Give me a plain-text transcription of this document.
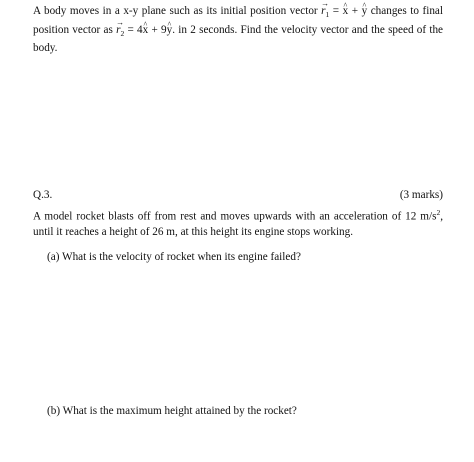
A body moves in a x-y plane such as its initial position vector → $r_1$ = ^ x + ^ y changes to final position vector as → $r_2$ = 4^ x + 9^ y. in 2 seconds. Find the velocity vector and the speed of the body.
Q.3.	(3 marks)
A model rocket blasts off from rest and moves upwards with an acceleration of 12 $m/s^2$, until it reaches a height of 26 m, at this height its engine stops working.
(a) What is the velocity of rocket when its engine failed?
(b) What is the maximum height attained by the rocket?
